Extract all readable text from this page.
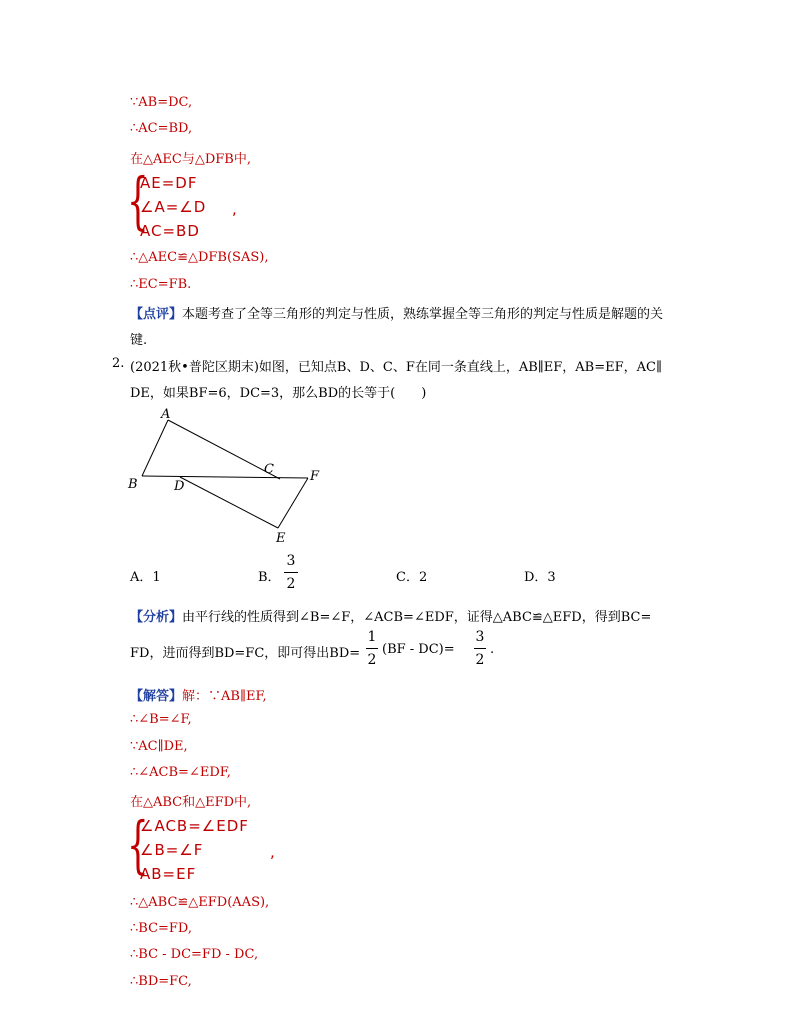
∵AB=DC,
∴AC=BD,
在△AEC与△DFB中,
{
AE=DF
∠A=∠D ,
AC=BD
∴△AEC≌△DFB(SAS),
∴EC=FB.
【点评】本题考查了全等三角形的判定与性质，熟练掌握全等三角形的判定与性质是解题的关
键.
2. (2021秋•普陀区期末)如图，已知点B、D、C、F在同一条直线上，AB∥EF，AB=EF，AC∥
DE，如果BF=6，DC=3，那么BD的长等于(　　)
A
B
C
D
E
F
A．1	B．
3
2	C．2	D．3
【分析】由平行线的性质得到∠B=∠F，∠ACB=∠EDF，证得△ABC≌△EFD，得到BC=
FD，进而得到BD=FC，即可得出BD=
1
2
(BF - DC)=
3
2
.
【解答】解：∵AB∥EF,
∴∠B=∠F,
∵AC∥DE,
∴∠ACB=∠EDF,
在△ABC和△EFD中,
{
∠ACB=∠EDF
∠B=∠F	,
AB=EF
∴△ABC≌△EFD(AAS),
∴BC=FD,
∴BC - DC=FD - DC,
∴BD=FC,
